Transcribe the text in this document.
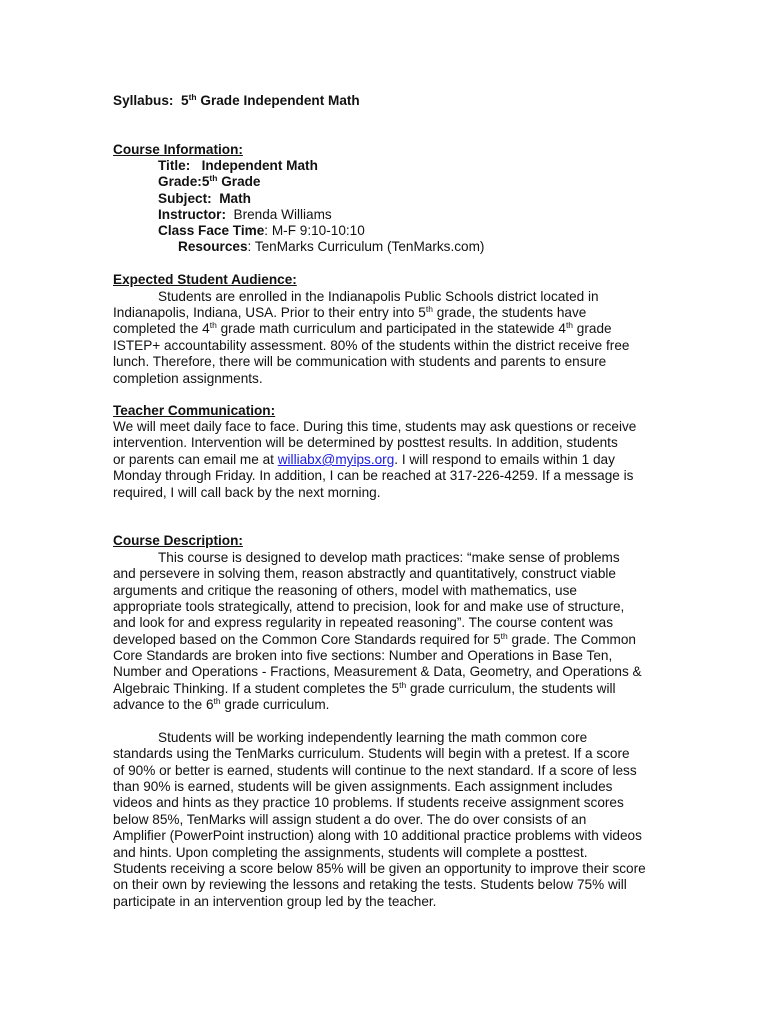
Syllabus: 5th Grade Independent Math
Course Information:
Title: Independent Math
Grade:5th Grade
Subject: Math
Instructor: Brenda Williams
Class Face Time: M-F 9:10-10:10
Resources: TenMarks Curriculum (TenMarks.com)
Expected Student Audience:
Students are enrolled in the Indianapolis Public Schools district located in
Indianapolis, Indiana, USA. Prior to their entry into 5th grade, the students have
completed the 4th grade math curriculum and participated in the statewide 4th grade
ISTEP+ accountability assessment. 80% of the students within the district receive free
lunch. Therefore, there will be communication with students and parents to ensure
completion assignments.
Teacher Communication:
We will meet daily face to face. During this time, students may ask questions or receive
intervention. Intervention will be determined by posttest results. In addition, students
or parents can email me at williabx@myips.org. I will respond to emails within 1 day
Monday through Friday. In addition, I can be reached at 317-226-4259. If a message is
required, I will call back by the next morning.
Course Description:
This course is designed to develop math practices: “make sense of problems
and persevere in solving them, reason abstractly and quantitatively, construct viable
arguments and critique the reasoning of others, model with mathematics, use
appropriate tools strategically, attend to precision, look for and make use of structure,
and look for and express regularity in repeated reasoning”. The course content was
developed based on the Common Core Standards required for 5th grade. The Common
Core Standards are broken into five sections: Number and Operations in Base Ten,
Number and Operations - Fractions, Measurement & Data, Geometry, and Operations &
Algebraic Thinking. If a student completes the 5th grade curriculum, the students will
advance to the 6th grade curriculum.
Students will be working independently learning the math common core
standards using the TenMarks curriculum. Students will begin with a pretest. If a score
of 90% or better is earned, students will continue to the next standard. If a score of less
than 90% is earned, students will be given assignments. Each assignment includes
videos and hints as they practice 10 problems. If students receive assignment scores
below 85%, TenMarks will assign student a do over. The do over consists of an
Amplifier (PowerPoint instruction) along with 10 additional practice problems with videos
and hints. Upon completing the assignments, students will complete a posttest.
Students receiving a score below 85% will be given an opportunity to improve their score
on their own by reviewing the lessons and retaking the tests. Students below 75% will
participate in an intervention group led by the teacher.
